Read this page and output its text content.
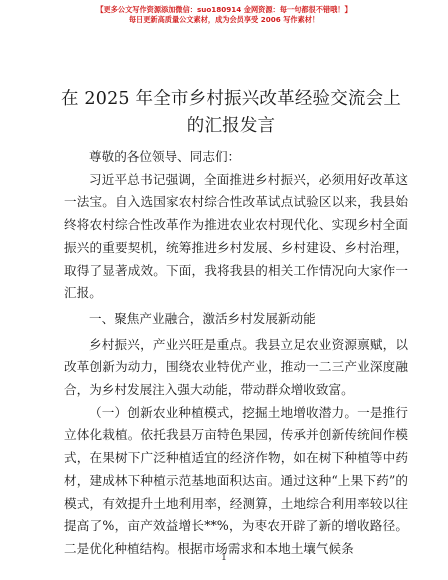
【更多公文写作资源添加微信：suo180914 金网资源：每一句都很不错哦！】
每日更新高质量公文素材，成为会员享受 2006 写作素材！
在 2025 年全市乡村振兴改革经验交流会上的汇报发言

尊敬的各位领导、同志们：

习近平总书记强调，全面推进乡村振兴，必须用好改革这一法宝。自入选国家农村综合性改革试点试验区以来，我县始终将农村综合性改革作为推进农业农村现代化、实现乡村全面振兴的重要契机，统筹推进乡村发展、乡村建设、乡村治理，取得了显著成效。下面，我将我县的相关工作情况向大家作一汇报。

一、聚焦产业融合，激活乡村发展新动能

乡村振兴，产业兴旺是重点。我县立足农业资源禀赋，以改革创新为动力，围绕农业特优产业，推动一二三产业深度融合，为乡村发展注入强大动能，带动群众增收致富。

（一）创新农业种植模式，挖掘土地增收潜力。一是推行立体化栽植。依托我县万亩特色果园，传承并创新传统间作模式，在果树下广泛种植适宜的经济作物，如在树下种植等中药材，建成林下种植示范基地面积达亩。通过这种“上果下药”的模式，有效提升土地利用率，经测算，土地综合利用率较以往提高了%，亩产效益增长**%，为枣农开辟了新的增收路径。二是优化种植结构。根据市场需求和本地土壤气候条

1
